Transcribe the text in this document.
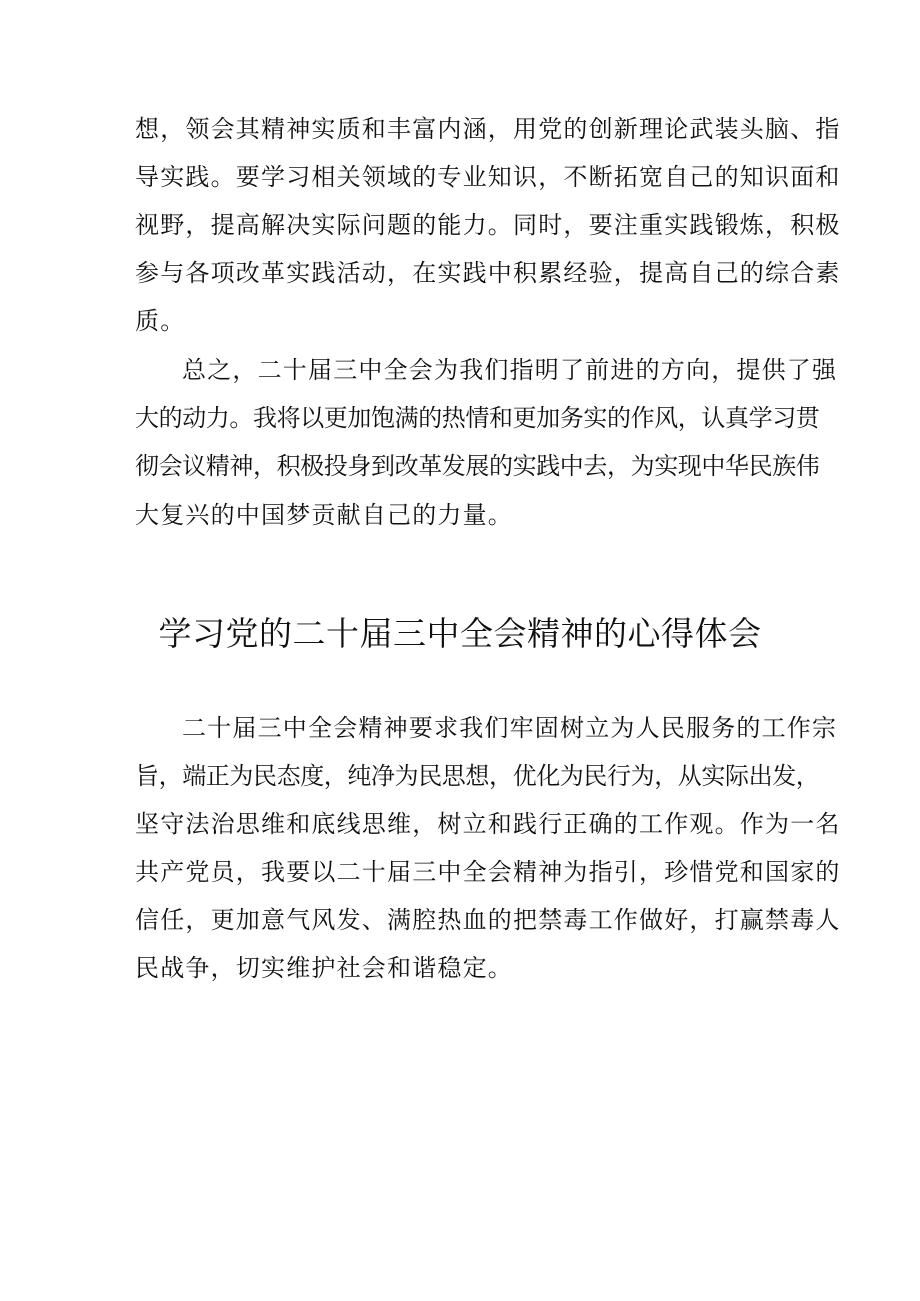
想，领会其精神实质和丰富内涵，用党的创新理论武装头脑、指
导实践。要学习相关领域的专业知识，不断拓宽自己的知识面和
视野，提高解决实际问题的能力。同时，要注重实践锻炼，积极
参与各项改革实践活动，在实践中积累经验，提高自己的综合素
质。
总之，二十届三中全会为我们指明了前进的方向，提供了强
大的动力。我将以更加饱满的热情和更加务实的作风，认真学习贯
彻会议精神，积极投身到改革发展的实践中去，为实现中华民族伟
大复兴的中国梦贡献自己的力量。
学习党的二十届三中全会精神的心得体会
二十届三中全会精神要求我们牢固树立为人民服务的工作宗
旨，端正为民态度，纯净为民思想，优化为民行为，从实际出发，
坚守法治思维和底线思维，树立和践行正确的工作观。作为一名
共产党员，我要以二十届三中全会精神为指引，珍惜党和国家的
信任，更加意气风发、满腔热血的把禁毒工作做好，打赢禁毒人
民战争，切实维护社会和谐稳定。
